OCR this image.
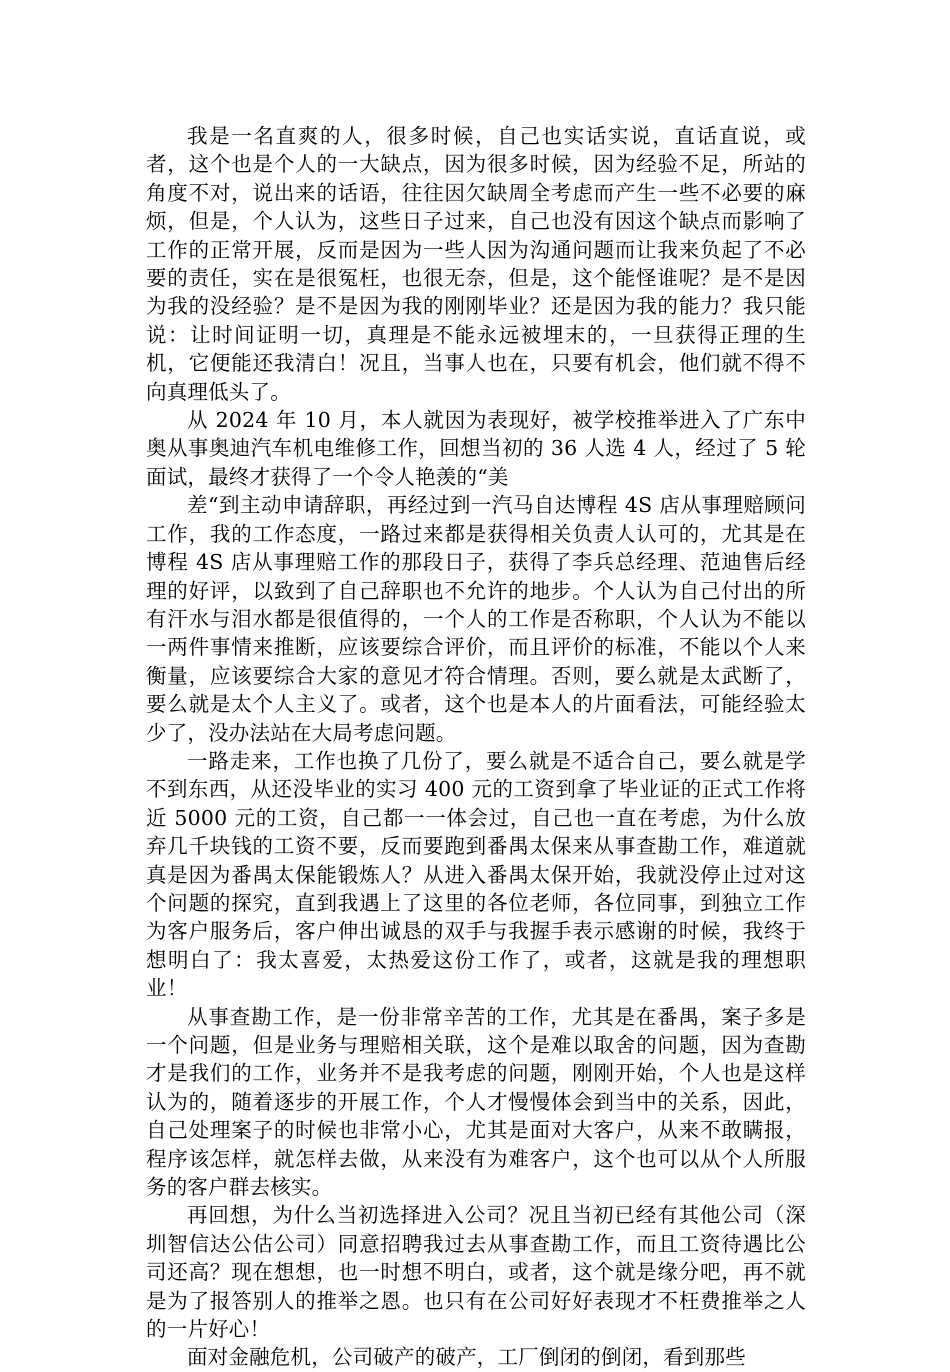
我是一名直爽的人，很多时候，自己也实话实说，直话直说，或者，这个也是个人的一大缺点，因为很多时候，因为经验不足，所站的角度不对，说出来的话语，往往因欠缺周全考虑而产生一些不必要的麻烦，但是，个人认为，这些日子过来，自己也没有因这个缺点而影响了工作的正常开展，反而是因为一些人因为沟通问题而让我来负起了不必要的责任，实在是很冤枉，也很无奈，但是，这个能怪谁呢？是不是因为我的没经验？是不是因为我的刚刚毕业？还是因为我的能力？我只能说：让时间证明一切，真理是不能永远被埋末的，一旦获得正理的生机，它便能还我清白！况且，当事人也在，只要有机会，他们就不得不向真理低头了。

从 2024 年 10 月，本人就因为表现好，被学校推举进入了广东中奥从事奥迪汽车机电维修工作，回想当初的 36 人选 4 人，经过了 5 轮面试，最终才获得了一个令人艳羡的“美

差“到主动申请辞职，再经过到一汽马自达博程 4S 店从事理赔顾问工作，我的工作态度，一路过来都是获得相关负责人认可的，尤其是在博程 4S 店从事理赔工作的那段日子，获得了李兵总经理、范迪售后经理的好评，以致到了自己辞职也不允许的地步。个人认为自己付出的所有汗水与泪水都是很值得的，一个人的工作是否称职，个人认为不能以一两件事情来推断，应该要综合评价，而且评价的标准，不能以个人来衡量，应该要综合大家的意见才符合情理。否则，要么就是太武断了，要么就是太个人主义了。或者，这个也是本人的片面看法，可能经验太少了，没办法站在大局考虑问题。

一路走来，工作也换了几份了，要么就是不适合自己，要么就是学不到东西，从还没毕业的实习 400 元的工资到拿了毕业证的正式工作将近 5000 元的工资，自己都一一体会过，自己也一直在考虑，为什么放弃几千块钱的工资不要，反而要跑到番禺太保来从事查勘工作，难道就真是因为番禺太保能锻炼人？从进入番禺太保开始，我就没停止过对这个问题的探究，直到我遇上了这里的各位老师，各位同事，到独立工作为客户服务后，客户伸出诚恳的双手与我握手表示感谢的时候，我终于想明白了：我太喜爱，太热爱这份工作了，或者，这就是我的理想职业！

从事查勘工作，是一份非常辛苦的工作，尤其是在番禺，案子多是一个问题，但是业务与理赔相关联，这个是难以取舍的问题，因为查勘才是我们的工作，业务并不是我考虑的问题，刚刚开始，个人也是这样认为的，随着逐步的开展工作，个人才慢慢体会到当中的关系，因此，自己处理案子的时候也非常小心，尤其是面对大客户，从来不敢瞒报，程序该怎样，就怎样去做，从来没有为难客户，这个也可以从个人所服务的客户群去核实。

再回想，为什么当初选择进入公司？况且当初已经有其他公司（深圳智信达公估公司）同意招聘我过去从事查勘工作，而且工资待遇比公司还高？现在想想，也一时想不明白，或者，这个就是缘分吧，再不就是为了报答别人的推举之恩。也只有在公司好好表现才不枉费推举之人的一片好心！

面对金融危机，公司破产的破产，工厂倒闭的倒闭，看到那些
